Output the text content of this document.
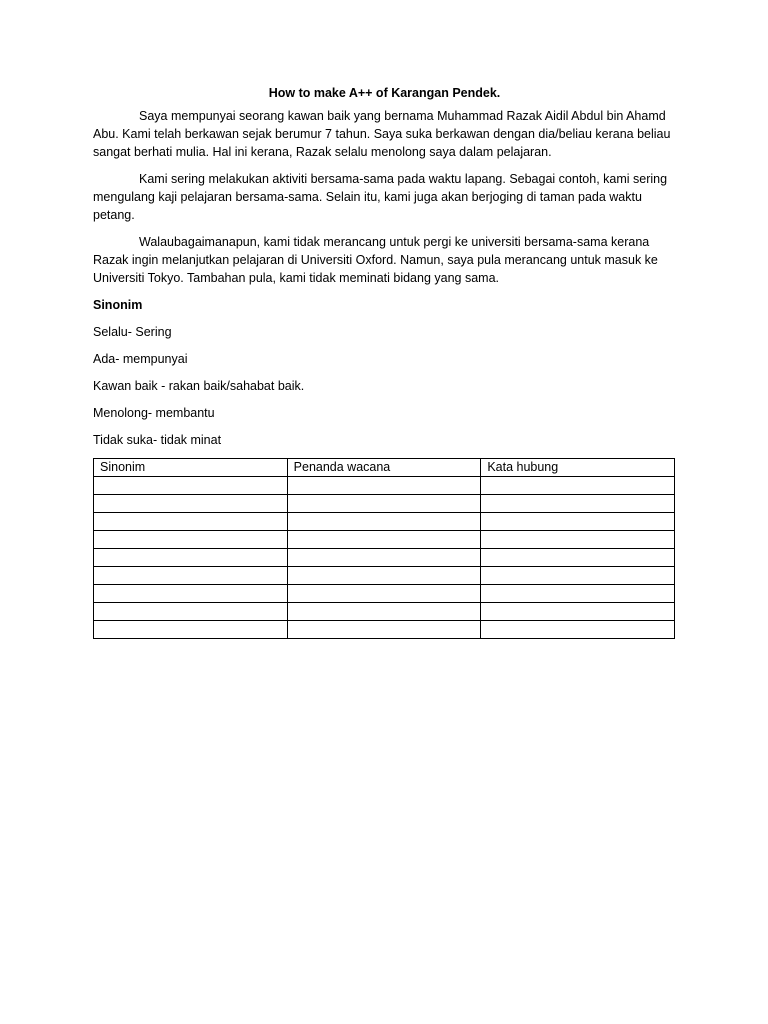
How to make A++ of Karangan Pendek.

Saya mempunyai seorang kawan baik yang bernama Muhammad Razak Aidil Abdul bin Ahamd Abu. Kami telah berkawan sejak berumur 7 tahun. Saya suka berkawan dengan dia/beliau kerana beliau sangat berhati mulia. Hal ini kerana, Razak selalu menolong saya dalam pelajaran.

Kami sering melakukan aktiviti bersama-sama pada waktu lapang. Sebagai contoh, kami sering mengulang kaji pelajaran bersama-sama. Selain itu, kami juga akan berjoging di taman pada waktu petang.

Walaubagaimanapun, kami tidak merancang untuk pergi ke universiti bersama-sama kerana Razak ingin melanjutkan pelajaran di Universiti Oxford. Namun, saya pula merancang untuk masuk ke Universiti Tokyo. Tambahan pula, kami tidak meminati bidang yang sama.

Sinonim
Selalu- Sering
Ada- mempunyai
Kawan baik - rakan baik/sahabat baik.
Menolong- membantu
Tidak suka- tidak minat
Sinonim	Penanda wacana	Kata hubung
